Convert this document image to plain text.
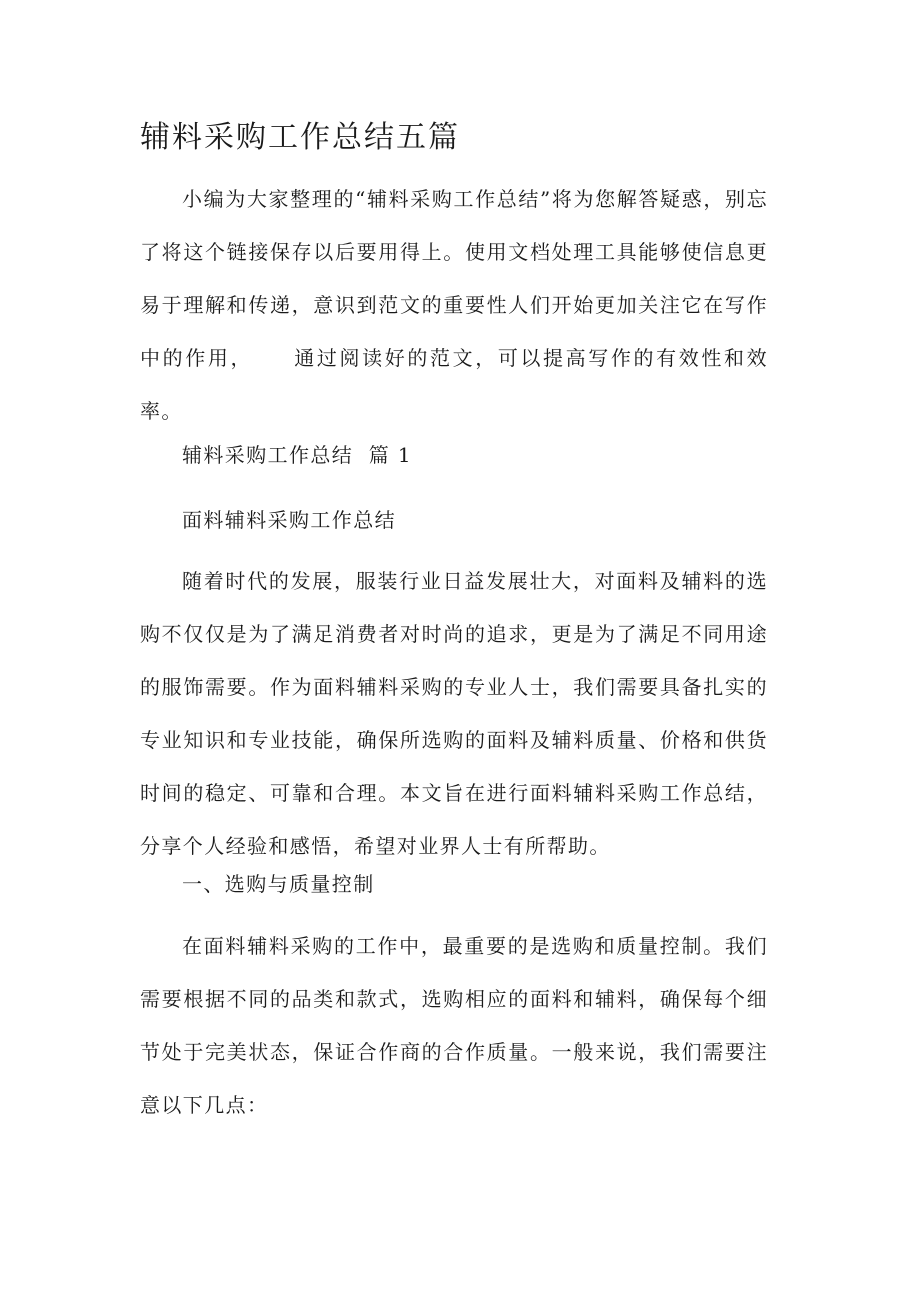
辅料采购工作总结五篇

小编为大家整理的“辅料采购工作总结”将为您解答疑惑，别忘了将这个链接保存以后要用得上。使用文档处理工具能够使信息更易于理解和传递，意识到范文的重要性人们开始更加关注它在写作中的作用， 通过阅读好的范文，可以提高写作的有效性和效率。

辅料采购工作总结  篇 1

面料辅料采购工作总结

随着时代的发展，服装行业日益发展壮大，对面料及辅料的选购不仅仅是为了满足消费者对时尚的追求，更是为了满足不同用途的服饰需要。作为面料辅料采购的专业人士，我们需要具备扎实的专业知识和专业技能，确保所选购的面料及辅料质量、价格和供货时间的稳定、可靠和合理。本文旨在进行面料辅料采购工作总结，分享个人经验和感悟，希望对业界人士有所帮助。

一、选购与质量控制

在面料辅料采购的工作中，最重要的是选购和质量控制。我们需要根据不同的品类和款式，选购相应的面料和辅料，确保每个细节处于完美状态，保证合作商的合作质量。一般来说，我们需要注意以下几点：
